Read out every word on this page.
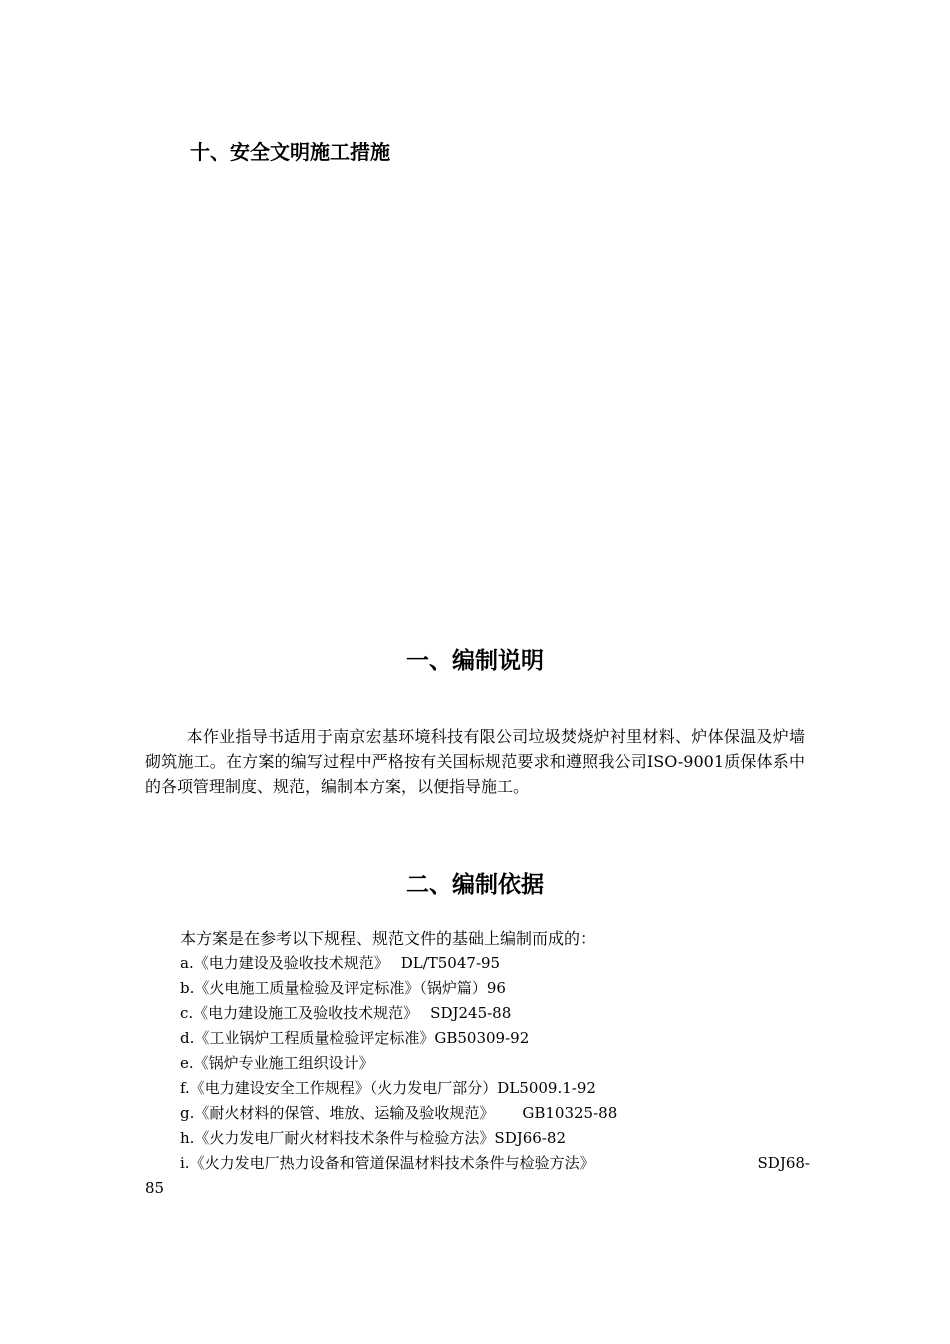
十、安全文明施工措施
一、编制说明

本作业指导书适用于南京宏基环境科技有限公司垃圾焚烧炉衬里材料、炉体保温及炉墙砌筑施工。在方案的编写过程中严格按有关国标规范要求和遵照我公司ISO-9001质保体系中的各项管理制度、规范，编制本方案，以便指导施工。

二、编制依据
本方案是在参考以下规程、规范文件的基础上编制而成的：
a.《电力建设及验收技术规范》 DL/T5047-95
b.《火电施工质量检验及评定标准》（锅炉篇）96
c.《电力建设施工及验收技术规范》 SDJ245-88
d.《工业锅炉工程质量检验评定标准》GB50309-92
e.《锅炉专业施工组织设计》
f.《电力建设安全工作规程》（火力发电厂部分）DL5009.1-92
g.《耐火材料的保管、堆放、运输及验收规范》 GB10325-88
h.《火力发电厂耐火材料技术条件与检验方法》SDJ66-82
i.《火力发电厂热力设备和管道保温材料技术条件与检验方法》	SDJ68-
85
